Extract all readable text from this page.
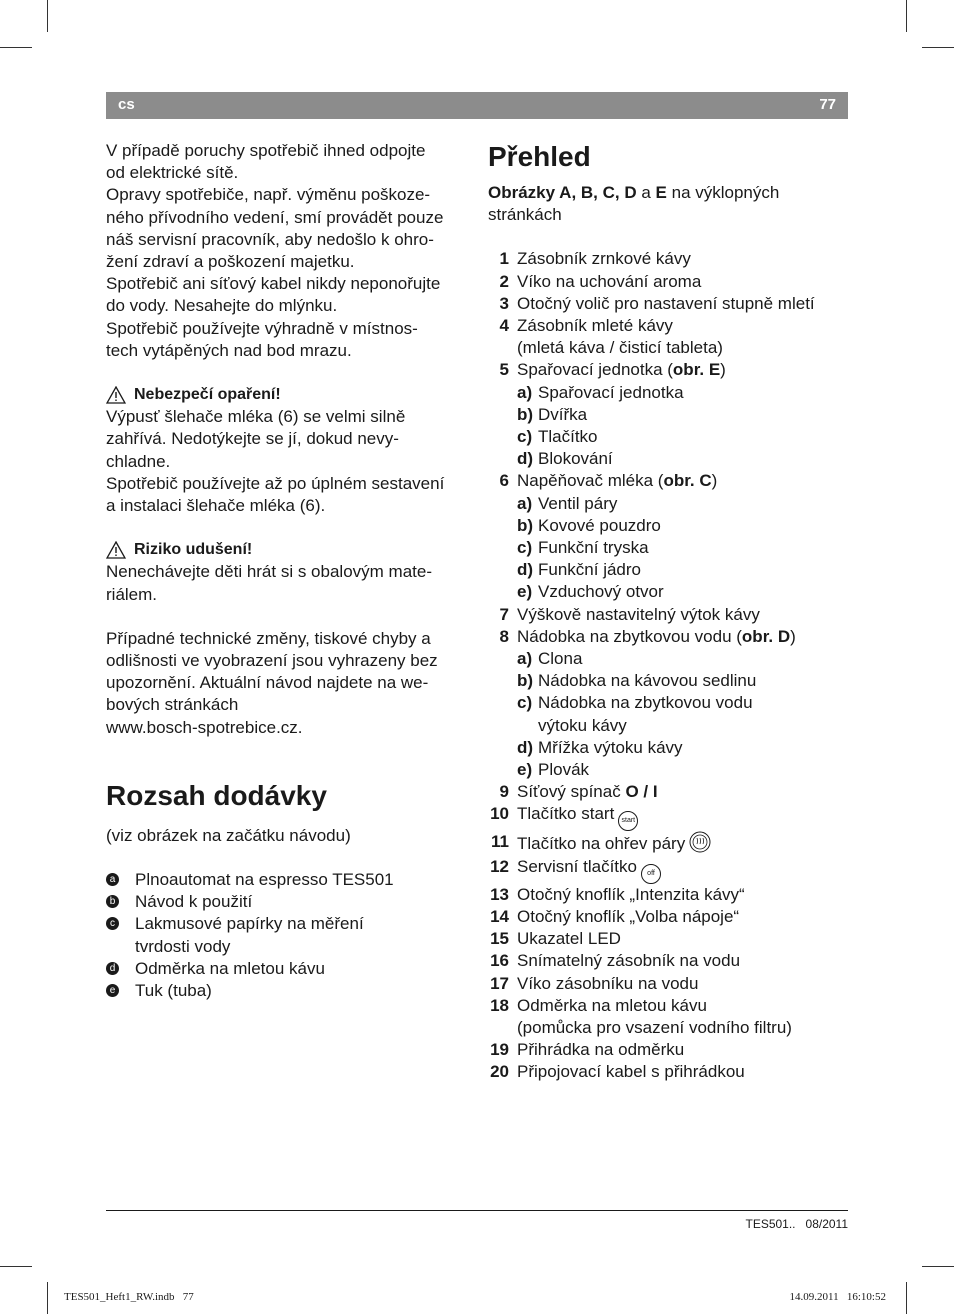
cs	77

V případě poruchy spotřebič ihned odpojte

od elektrické sítě.

Opravy spotřebiče, např. výměnu poškoze-

ného přívodního vedení, smí provádět pouze

náš servisní pracovník, aby nedošlo k ohro-

žení zdraví a poškození majetku.

Spotřebič ani síťový kabel nikdy neponořujte

do vody. Nesahejte do mlýnku.

Spotřebič používejte výhradně v místnos-

tech vytápěných nad bod mrazu.

Nebezpečí opaření!

Výpusť šlehače mléka (6) se velmi silně

zahřívá. Nedotýkejte se jí, dokud nevy-

chladne.

Spotřebič používejte až po úplném sestavení

a instalaci šlehače mléka (6).

Riziko udušení!

Nenechávejte děti hrát si s obalovým mate-

riálem.

Případné technické změny, tiskové chyby a

odlišnosti ve vyobrazení jsou vyhrazeny bez

upozornění. Aktuální návod najdete na we-

bových stránkách

www.bosch-spotrebice.cz.

Rozsah dodávky

(viz obrázek na začátku návodu)

a Plnoautomat na espresso TES501
b Návod k použití
c Lakmusové papírky na měření
tvrdosti vody
d Odměrka na mletou kávu
e Tuk (tuba)
Přehled

Obrázky A, B, C, D a E na výklopných

stránkách

1 Zásobník zrnkové kávy
2 Víko na uchování aroma
3 Otočný volič pro nastavení stupně mletí
4 Zásobník mleté kávy
(mletá káva / čisticí tableta)
5 Spařovací jednotka (obr. E)
a) Spařovací jednotka
b) Dvířka
c) Tlačítko
d) Blokování
6 Napěňovač mléka (obr. C)
a) Ventil páry
b) Kovové pouzdro
c) Funkční tryska
d) Funkční jádro
e) Vzduchový otvor
7 Výškově nastavitelný výtok kávy
8 Nádobka na zbytkovou vodu (obr. D)
a) Clona
b) Nádobka na kávovou sedlinu
c) Nádobka na zbytkovou vodu
výtoku kávy
d) Mřížka výtoku kávy
e) Plovák
9 Síťový spínač O / I
10 Tlačítko start start
11 Tlačítko na ohřev páry
12 Servisní tlačítko off
13 Otočný knoflík „Intenzita kávy“
14 Otočný knoflík „Volba nápoje“
15 Ukazatel LED
16 Snímatelný zásobník na vodu
17 Víko zásobníku na vodu
18 Odměrka na mletou kávu
(pomůcka pro vsazení vodního filtru)
19 Přihrádka na odměrku
20 Připojovací kabel s přihrádkou
TES501..   08/2011
TES501_Heft1_RW.indb   77	14.09.2011   16:10:52
